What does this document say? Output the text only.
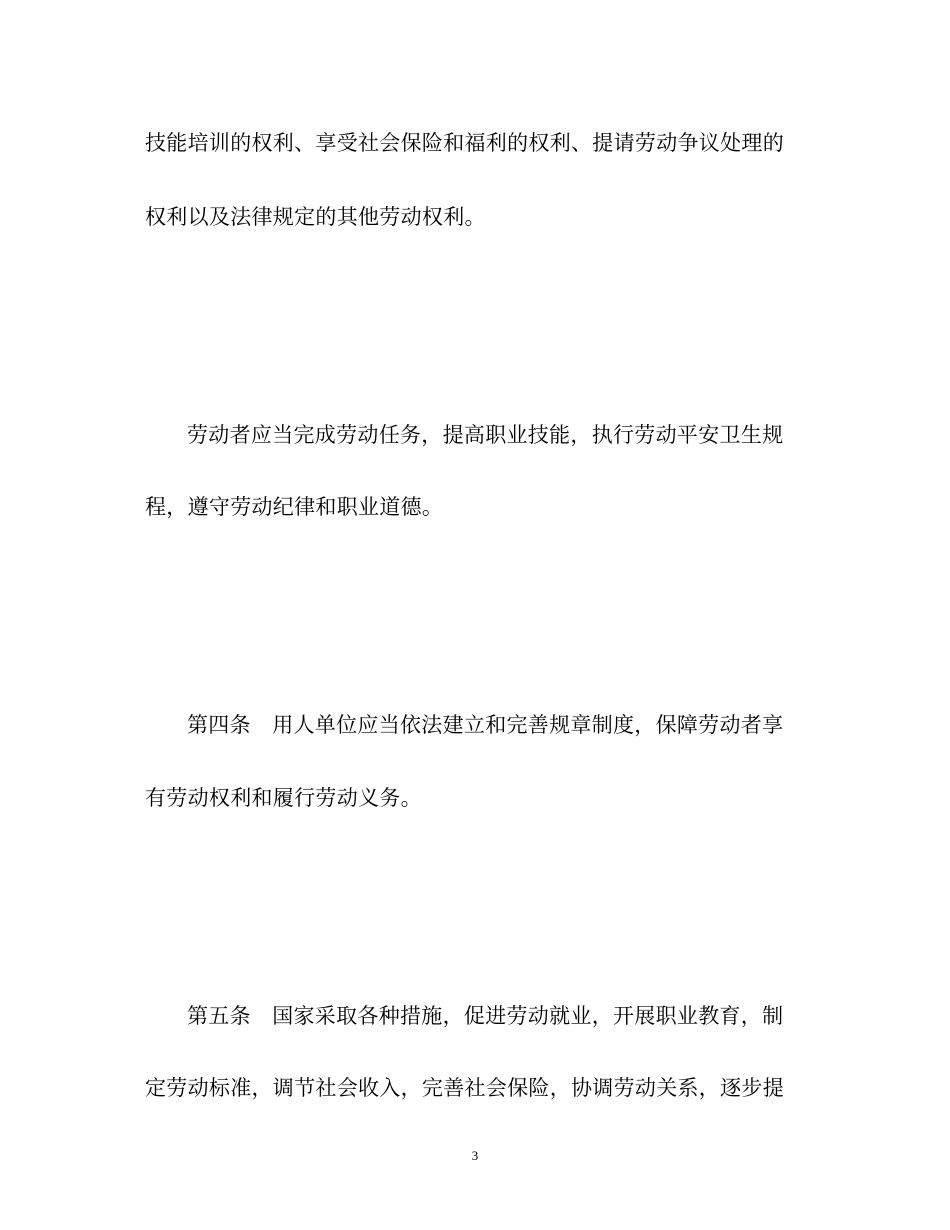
技能培训的权利、享受社会保险和福利的权利、提请劳动争议处理的
权利以及法律规定的其他劳动权利。
劳动者应当完成劳动任务，提高职业技能，执行劳动平安卫生规
程，遵守劳动纪律和职业道德。
第四条　用人单位应当依法建立和完善规章制度，保障劳动者享
有劳动权利和履行劳动义务。
第五条　国家采取各种措施，促进劳动就业，开展职业教育，制
定劳动标准，调节社会收入，完善社会保险，协调劳动关系，逐步提
3
